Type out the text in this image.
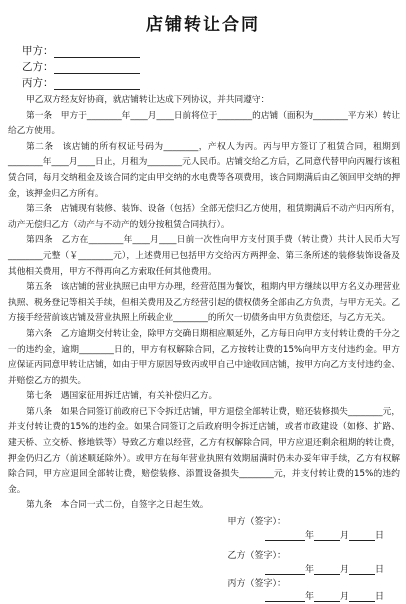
店铺转让合同
甲方：
乙方：
丙方：

甲乙双方经友好协商，就店铺转让达成下列协议，并共同遵守：

第一条　甲方于________年____月____日前将位于________的店铺（面积为________平方米）转让给乙方使用。

第二条　该店铺的所有权证号码为________，产权人为丙。丙与甲方签订了租赁合同，租期到________年____月____日止，月租为________元人民币。店铺交给乙方后，乙同意代替甲向丙履行该租赁合同，每月交纳租金及该合同约定由甲交纳的水电费等各项费用，该合同期满后由乙领回甲交纳的押金，该押金归乙方所有。

第三条　店铺现有装修、装饰、设备（包括）全部无偿归乙方使用，租赁期满后不动产归丙所有，动产无偿归乙方（动产与不动产的划分按租赁合同执行）。

第四条　乙方在________年____月____日前一次性向甲方支付顶手费（转让费）共计人民币大写________元整（￥________元），上述费用已包括甲方交给丙方两押金、第三条所述的装修装饰设备及其他相关费用，甲方不得再向乙方索取任何其他费用。

第五条　该店铺的营业执照已由甲方办理，经营范围为餐饮，租期内甲方继续以甲方名义办理营业执照、税务登记等相关手续，但相关费用及乙方经营引起的债权债务全部由乙方负责，与甲方无关。乙方接手经营前该店铺及营业执照上所载企业________的所欠一切债务由甲方负责偿还，与乙方无关。

第六条　乙方逾期交付转让金，除甲方交确日期相应顺延外，乙方每日向甲方支付转让费的千分之一的违约金，逾期________日的，甲方有权解除合同，乙方按转让费的15%向甲方支付违约金。甲方应保证丙同意甲转让店铺，如由于甲方原因导致丙或甲自己中途收回店铺，按甲方向乙方支付违约金、并赔偿乙方的损失。

第七条　遇国家征用拆迁店铺，有关补偿归乙方。

第八条　如果合同签订前政府已下令拆迁店铺，甲方退偿全部转让费，赔还装修损失________元，并支付转让费的15%的违约金。如果合同签订之后政府明令拆迁店铺，或者市政建设（如修、扩路、建天桥、立交桥、修地铁等）导致乙方难以经营，乙方有权解除合同，甲方应退还剩余租期的转让费，押金仍归乙方（前述顺延除外）。或甲方在每年营业执照有效期届满时仍未办妥年审手续，乙方有权解除合同，甲方应退回全部转让费，赔偿装修、添置设备损失________元，并支付转让费的15%的违约金。

第九条　本合同一式二份，自签字之日起生效。

甲方（签字）：
年	月	日
乙方（签字）：
年	月	日
丙方（签字）：
年	月	日
